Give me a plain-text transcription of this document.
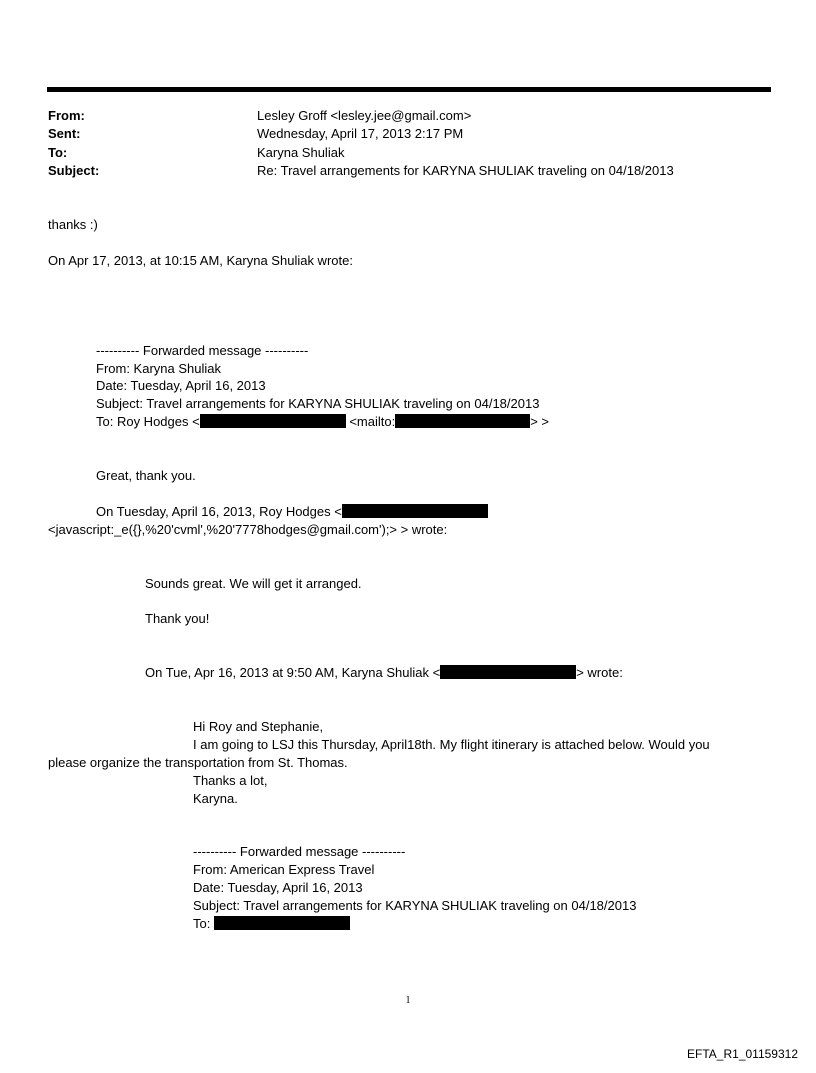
From:	Lesley Groff <lesley.jee@gmail.com>
Sent:	Wednesday, April 17, 2013 2:17 PM
To:	Karyna Shuliak
Subject:	Re: Travel arrangements for KARYNA SHULIAK traveling on 04/18/2013
thanks :)
On Apr 17, 2013, at 10:15 AM, Karyna Shuliak wrote:
---------- Forwarded message ----------
From: Karyna Shuliak
Date: Tuesday, April 16, 2013
Subject: Travel arrangements for KARYNA SHULIAK traveling on 04/18/2013
To: Roy Hodges <	<mailto:	> >
Great, thank you.
On Tuesday, April 16, 2013, Roy Hodges <
<javascript:_e({},%20'cvml',%20'7778hodges@gmail.com');> > wrote:
Sounds great. We will get it arranged.
Thank you!
On Tue, Apr 16, 2013 at 9:50 AM, Karyna Shuliak <	> wrote:
Hi Roy and Stephanie,
I am going to LSJ this Thursday, April18th. My flight itinerary is attached below. Would you
please organize the transportation from St. Thomas.
Thanks a lot,
Karyna.
---------- Forwarded message ----------
From: American Express Travel
Date: Tuesday, April 16, 2013
Subject: Travel arrangements for KARYNA SHULIAK traveling on 04/18/2013
To:
1
EFTA_R1_01159312
